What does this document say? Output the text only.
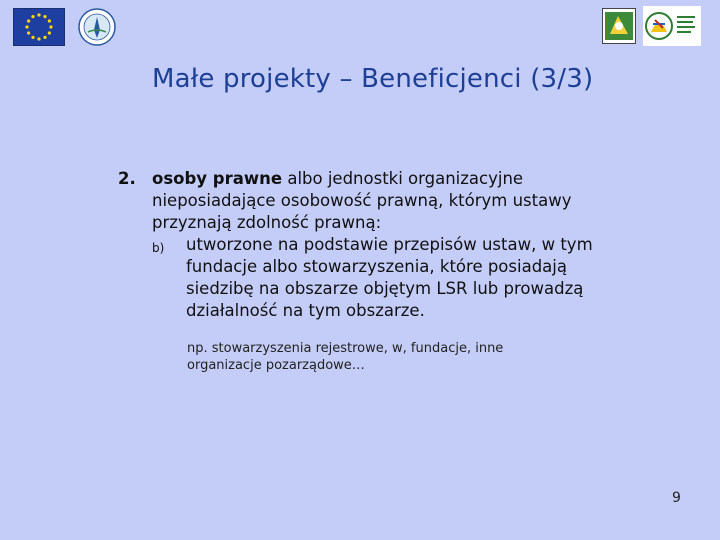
Małe projekty – Beneficjenci (3/3)
2. osoby prawne albo jednostki organizacyjne nieposiadające osobowość prawną, którym ustawy przyznają zdolność prawną:
b) utworzone na podstawie przepisów ustaw, w tym fundacje albo stowarzyszenia, które posiadają siedzibę na obszarze objętym LSR lub prowadzą działalność na tym obszarze.
np. stowarzyszenia rejestrowe, w, fundacje, inne organizacje pozarządowe…
9
